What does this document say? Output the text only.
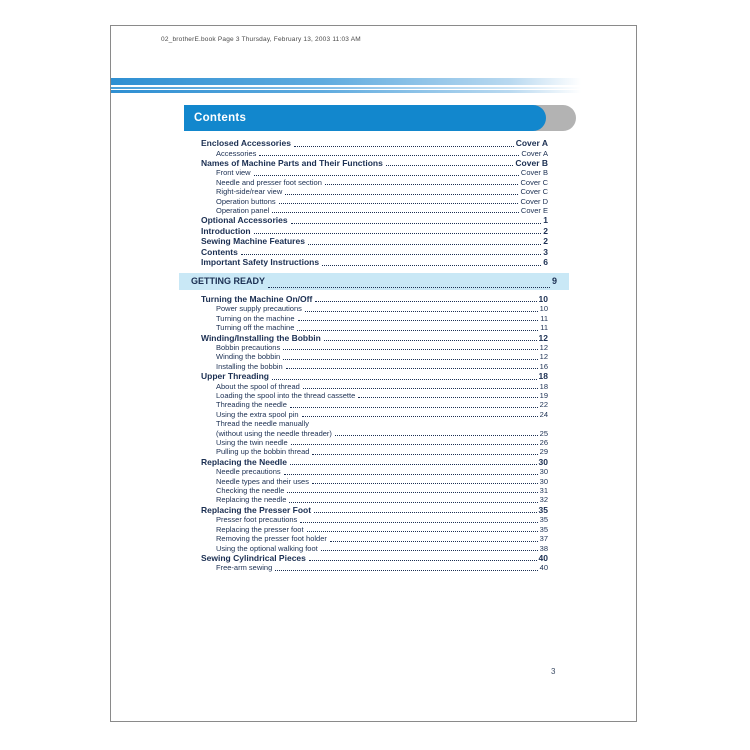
02_brotherE.book Page 3 Thursday, February 13, 2003 11:03 AM
Contents
Enclosed Accessories	Cover A
Accessories	Cover A
Names of Machine Parts and Their Functions	Cover B
Front view	Cover B
Needle and presser foot section	Cover C
Right-side/rear view	Cover C
Operation buttons	Cover D
Operation panel	Cover E
Optional Accessories	1
Introduction	2
Sewing Machine Features	2
Contents	3
Important Safety Instructions	6
GETTING READY	9
Turning the Machine On/Off	10
Power supply precautions	10
Turning on the machine	11
Turning off the machine	11
Winding/Installing the Bobbin	12
Bobbin precautions	12
Winding the bobbin	12
Installing the bobbin	16
Upper Threading	18
About the spool of thread	18
Loading the spool into the thread cassette	19
Threading the needle	22
Using the extra spool pin	24
Thread the needle manually
(without using the needle threader)	25
Using the twin needle	26
Pulling up the bobbin thread	29
Replacing the Needle	30
Needle precautions	30
Needle types and their uses	30
Checking the needle	31
Replacing the needle	32
Replacing the Presser Foot	35
Presser foot precautions	35
Replacing the presser foot	35
Removing the presser foot holder	37
Using the optional walking foot	38
Sewing Cylindrical Pieces	40
Free-arm sewing	40
3
